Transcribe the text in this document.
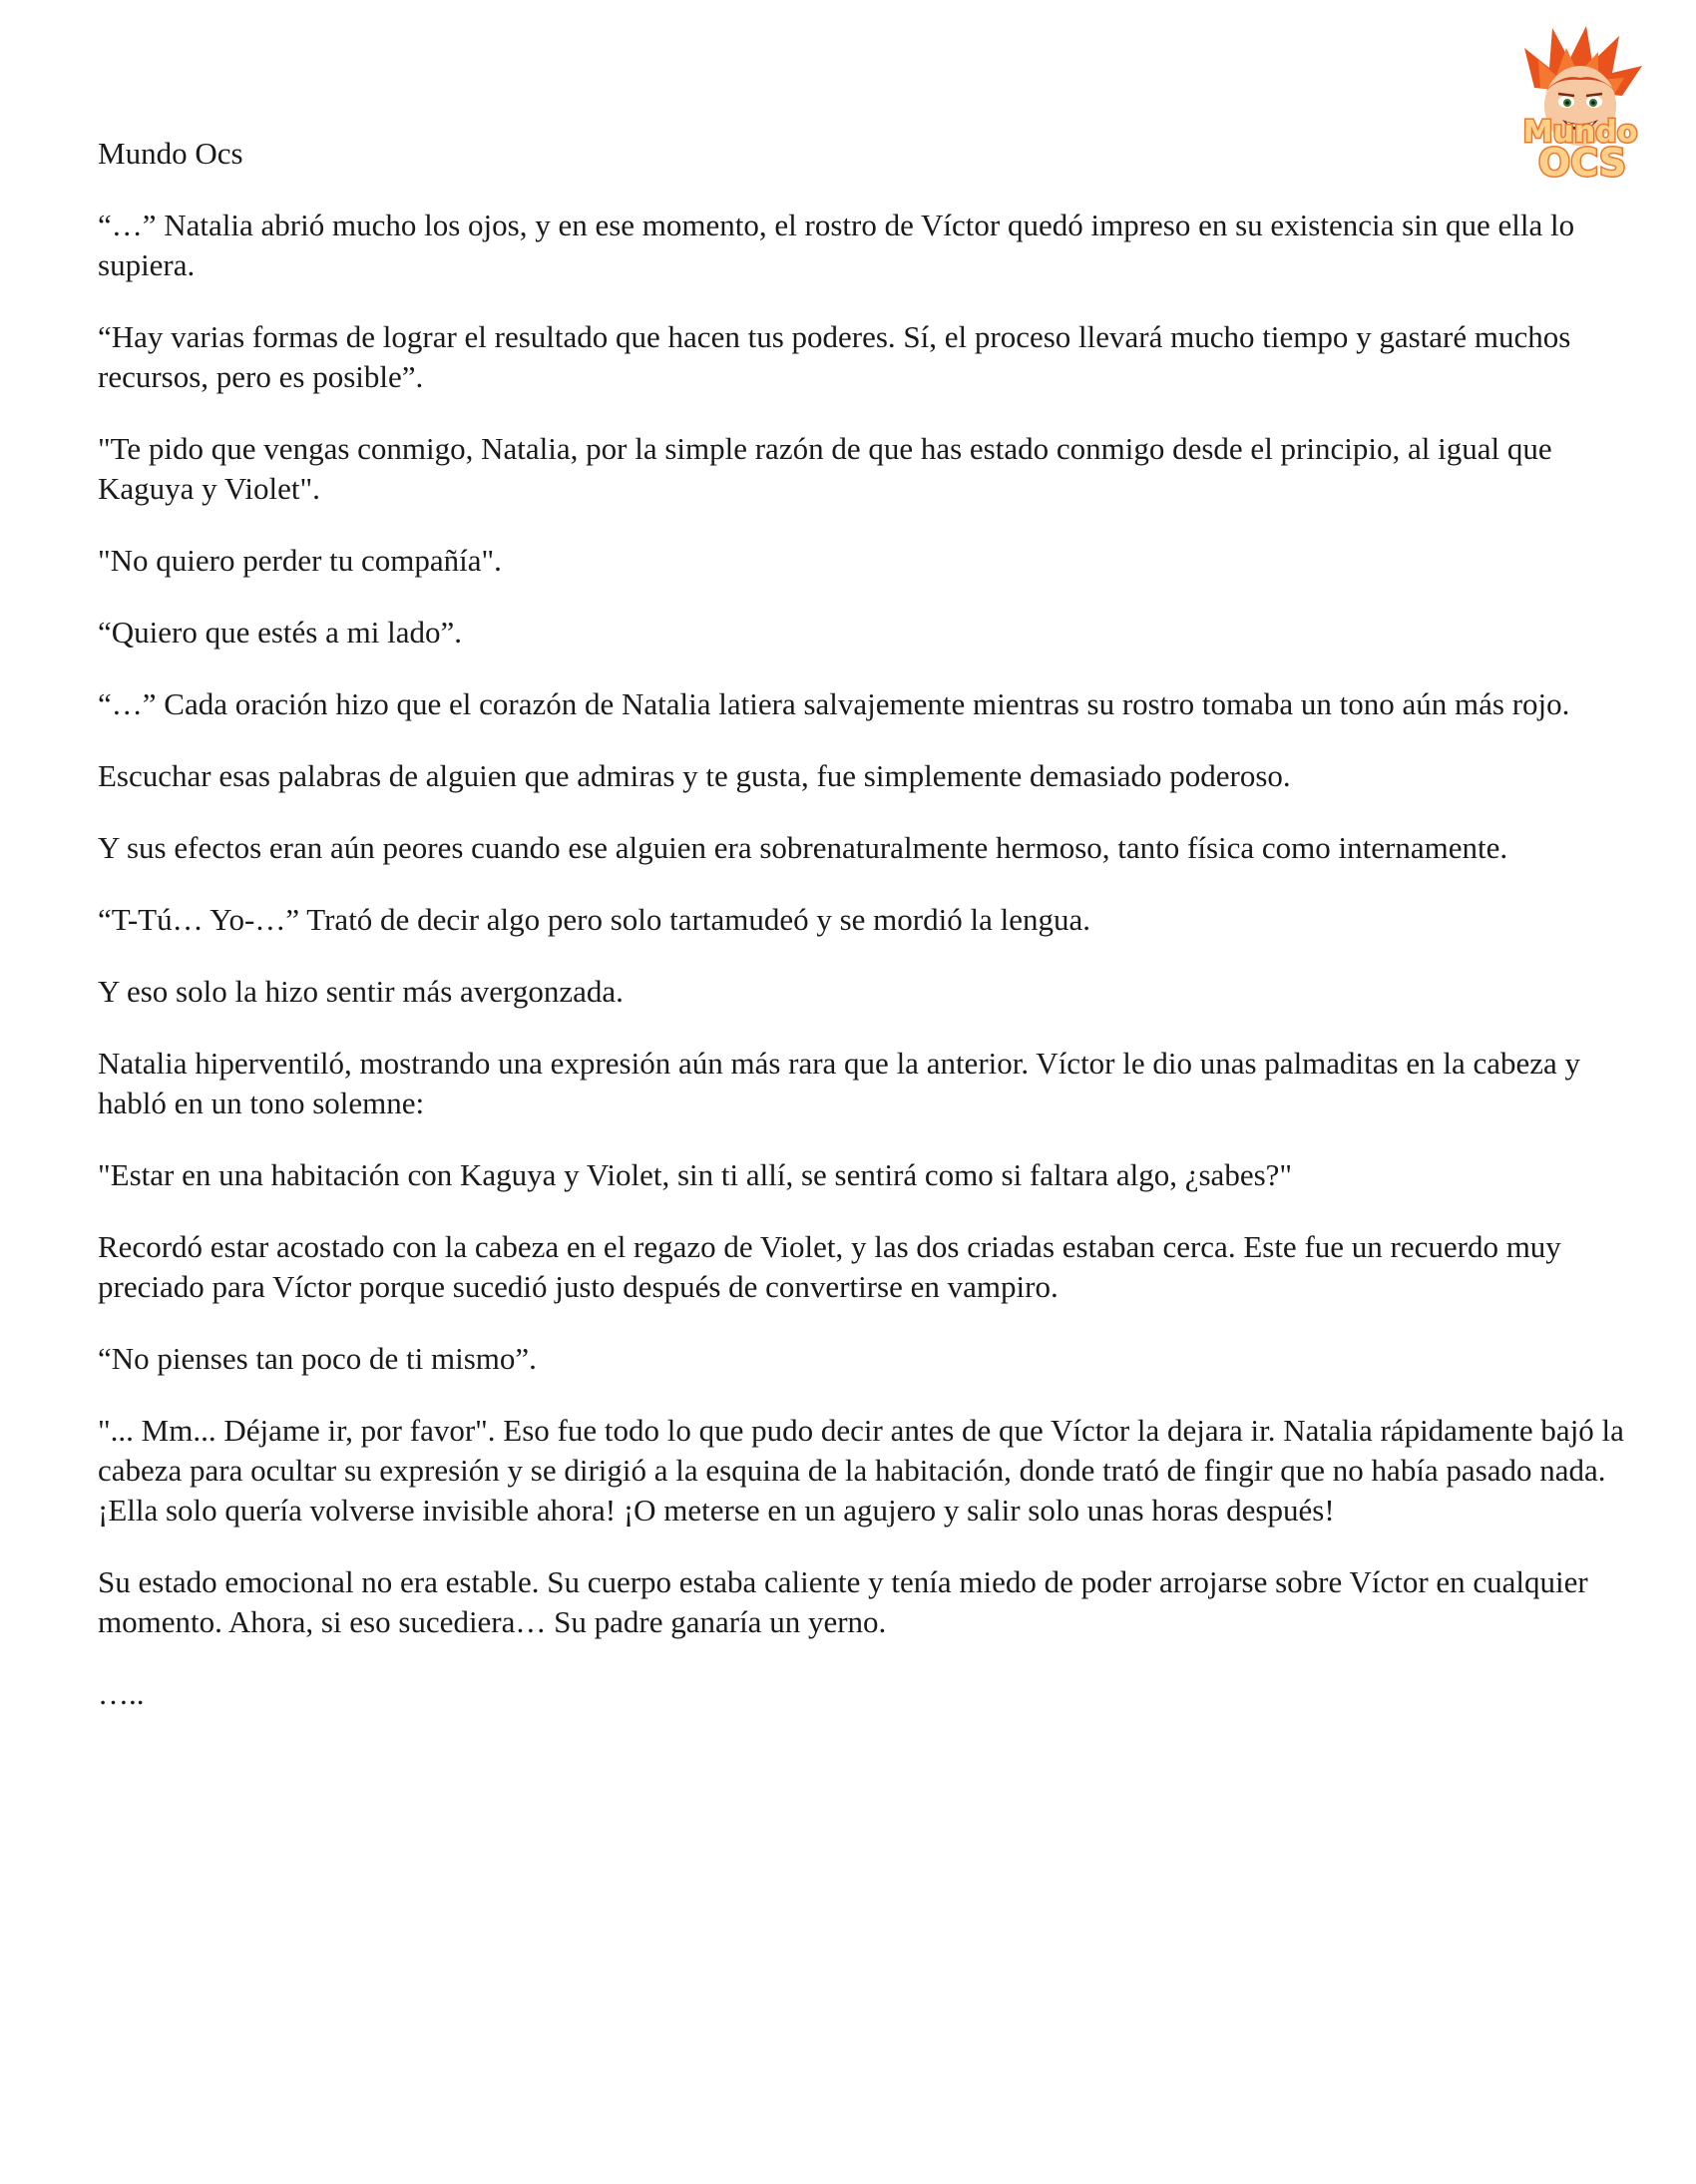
Mundo
OCS
Mundo Ocs

“…” Natalia abrió mucho los ojos, y en ese momento, el rostro de Víctor quedó impreso en su existencia sin que ella lo supiera.

“Hay varias formas de lograr el resultado que hacen tus poderes. Sí, el proceso llevará mucho tiempo y gastaré muchos recursos, pero es posible”.

"Te pido que vengas conmigo, Natalia, por la simple razón de que has estado conmigo desde el principio, al igual que Kaguya y Violet".

"No quiero perder tu compañía".

“Quiero que estés a mi lado”.

“…” Cada oración hizo que el corazón de Natalia latiera salvajemente mientras su rostro tomaba un tono aún más rojo.

Escuchar esas palabras de alguien que admiras y te gusta, fue simplemente demasiado poderoso.

Y sus efectos eran aún peores cuando ese alguien era sobrenaturalmente hermoso, tanto física como internamente.

“T-Tú… Yo-…” Trató de decir algo pero solo tartamudeó y se mordió la lengua.

Y eso solo la hizo sentir más avergonzada.

Natalia hiperventiló, mostrando una expresión aún más rara que la anterior. Víctor le dio unas palmaditas en la cabeza y habló en un tono solemne:

"Estar en una habitación con Kaguya y Violet, sin ti allí, se sentirá como si faltara algo, ¿sabes?"

Recordó estar acostado con la cabeza en el regazo de Violet, y las dos criadas estaban cerca. Este fue un recuerdo muy preciado para Víctor porque sucedió justo después de convertirse en vampiro.

“No pienses tan poco de ti mismo”.

"... Mm... Déjame ir, por favor". Eso fue todo lo que pudo decir antes de que Víctor la dejara ir. Natalia rápidamente bajó la cabeza para ocultar su expresión y se dirigió a la esquina de la habitación, donde trató de fingir que no había pasado nada. ¡Ella solo quería volverse invisible ahora! ¡O meterse en un agujero y salir solo unas horas después!

Su estado emocional no era estable. Su cuerpo estaba caliente y tenía miedo de poder arrojarse sobre Víctor en cualquier momento. Ahora, si eso sucediera… Su padre ganaría un yerno.

…..
